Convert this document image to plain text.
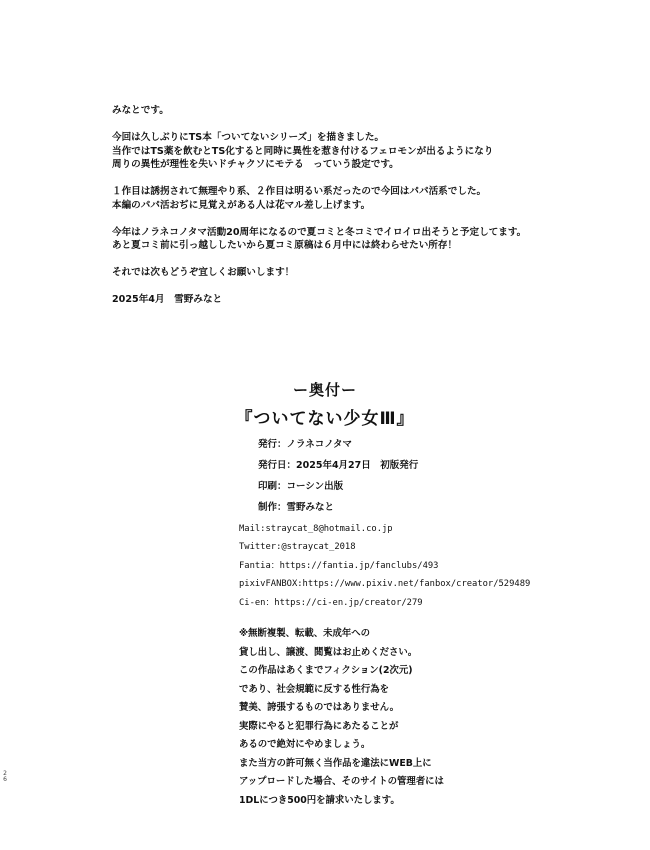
みなとです。

今回は久しぶりにTS本「ついてないシリーズ」を描きました。
当作ではTS薬を飲むとTS化すると同時に異性を惹き付けるフェロモンが出るようになり
周りの異性が理性を失いドチャクソにモテる　っていう設定です。

１作目は誘拐されて無理やり系、２作目は明るい系だったので今回はパパ活系でした。
本編のパパ活おぢに見覚えがある人は花マル差し上げます。

今年はノラネコノタマ活動20周年になるので夏コミと冬コミでイロイロ出そうと予定してます。
あと夏コミ前に引っ越ししたいから夏コミ原稿は６月中には終わらせたい所存！

それでは次もどうぞ宜しくお願いします！

2025年4月　雪野みなと

ー奥付ー
『ついてない少女Ⅲ』
発行：ノラネコノタマ
発行日：2025年4月27日　初版発行
印刷：コーシン出版
制作：雪野みなと
Mail:straycat_8@hotmail.co.jp
Twitter:@straycat_2018
Fantia：https://fantia.jp/fanclubs/493
pixivFANBOX:https://www.pixiv.net/fanbox/creator/529489
Ci-en：https://ci-en.jp/creator/279
※無断複製、転載、未成年への
貸し出し、譲渡、閲覧はお止めください。
この作品はあくまでフィクション(2次元)
であり、社会規範に反する性行為を
賛美、誇張するものではありません。
実際にやると犯罪行為にあたることが
あるので絶対にやめましょう。
また当方の許可無く当作品を違法にWEB上に
アップロードした場合、そのサイトの管理者には
1DLにつき500円を請求いたします。
2
6
